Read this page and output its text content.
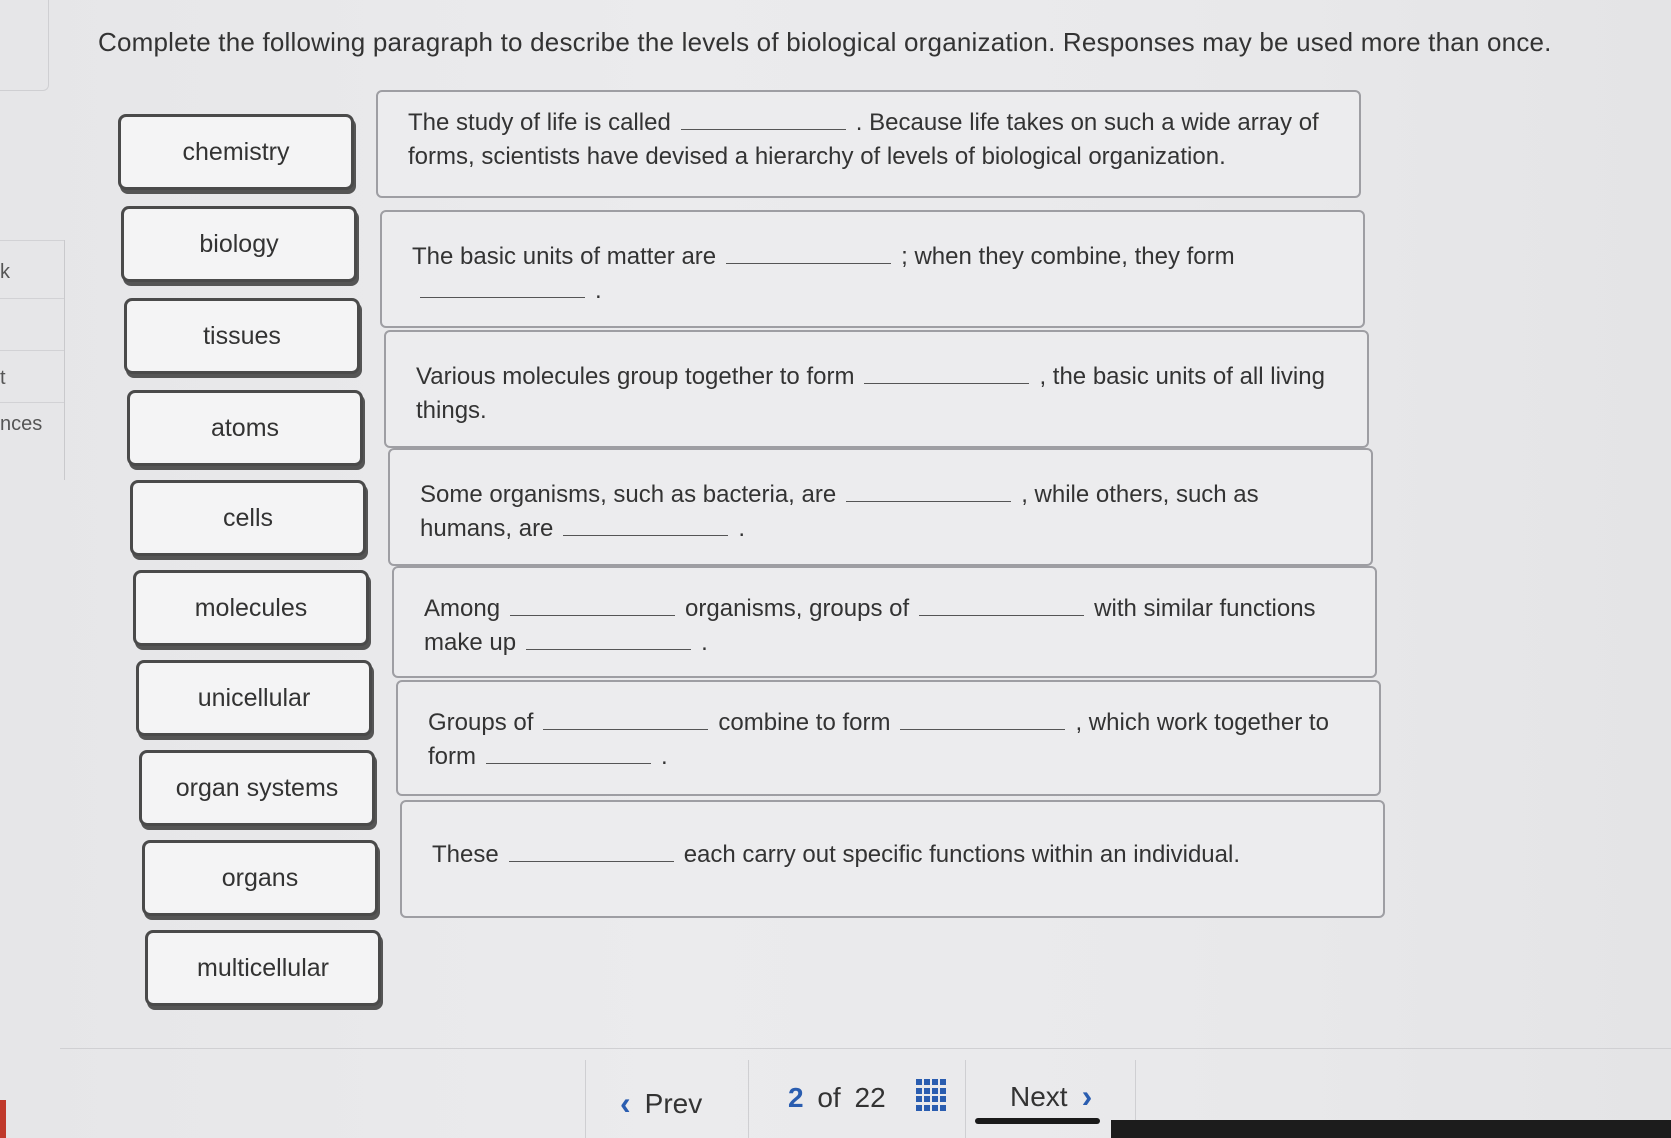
k
t
nces
Complete the following paragraph to describe the levels of biological organization. Responses may be used more than once.
chemistry
biology
tissues
atoms
cells
molecules
unicellular
organ systems
organs
multicellular
The study of life is called	. Because life takes on such a wide array of forms, scientists have devised a hierarchy of levels of biological organization.
The basic units of matter are	; when they combine, they form
.
Various molecules group together to form	, the basic units of all living things.
Some organisms, such as bacteria, are	, while others, such as humans, are	.
Among	organisms, groups of	with similar functions make up	.
Groups of	combine to form	, which work together to form	.
These	each carry out specific functions within an individual.
‹ Prev	2 of 22	Next ›
